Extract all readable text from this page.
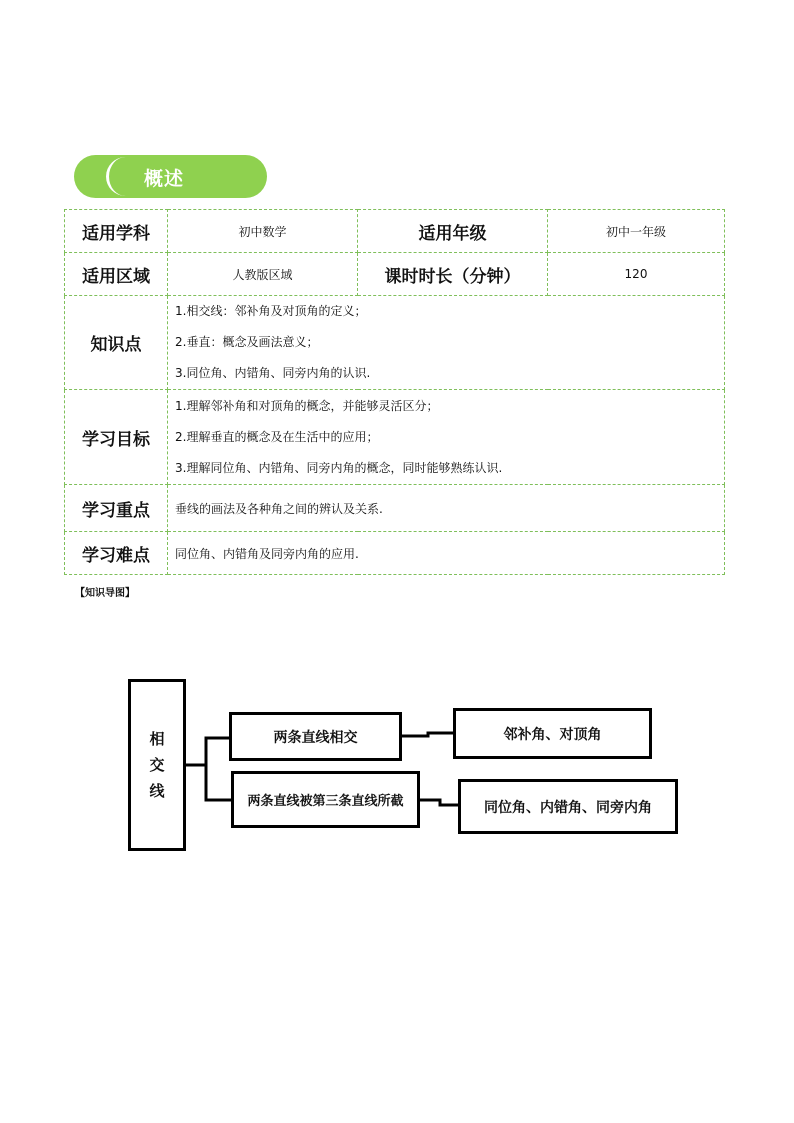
概述
适用学科	初中数学	适用年级	初中一年级
适用区域	人教版区域	课时时长（分钟）	120
知识点	1.相交线：邻补角及对顶角的定义；
2.垂直：概念及画法意义；
3.同位角、内错角、同旁内角的认识.		

学习目标	1.理解邻补角和对顶角的概念，并能够灵活区分；
2.理解垂直的概念及在生活中的应用；
3.理解同位角、内错角、同旁内角的概念，同时能够熟练认识.		

学习重点	垂线的画法及各种角之间的辨认及关系.		
学习难点	同位角、内错角及同旁内角的应用.		
【知识导图】
相
交
线
两条直线相交	邻补角、对顶角
两条直线被第三条直线所截	同位角、内错角、同旁内角
